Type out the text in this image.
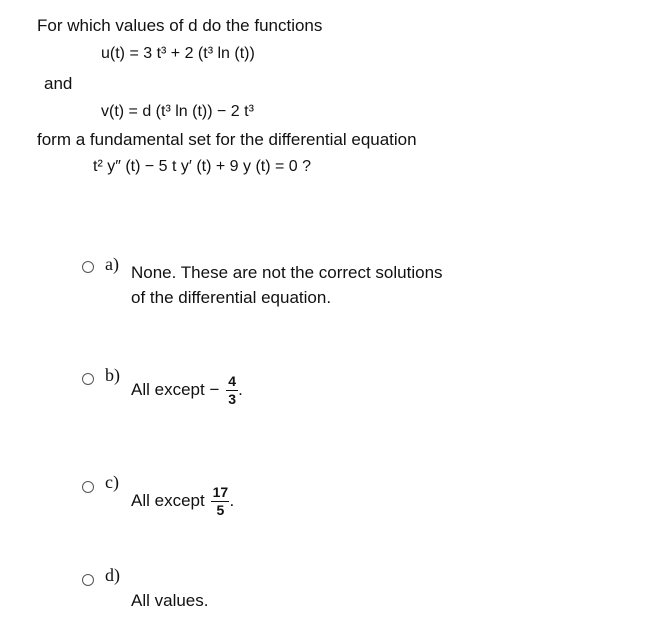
For which values of d do the functions
u(t) = 3 t³ + 2 (t³ ln (t))
and
v(t) = d (t³ ln (t)) − 2 t³
form a fundamental set for the differential equation
t² y″ (t) − 5 t y′ (t) + 9 y (t) = 0 ?
a) None. These are not the correct solutions
of the differential equation.
b)
All except − $\frac{4}{3}$ .
c)
All except $\frac{17}{5}$ .
d)
All values.
